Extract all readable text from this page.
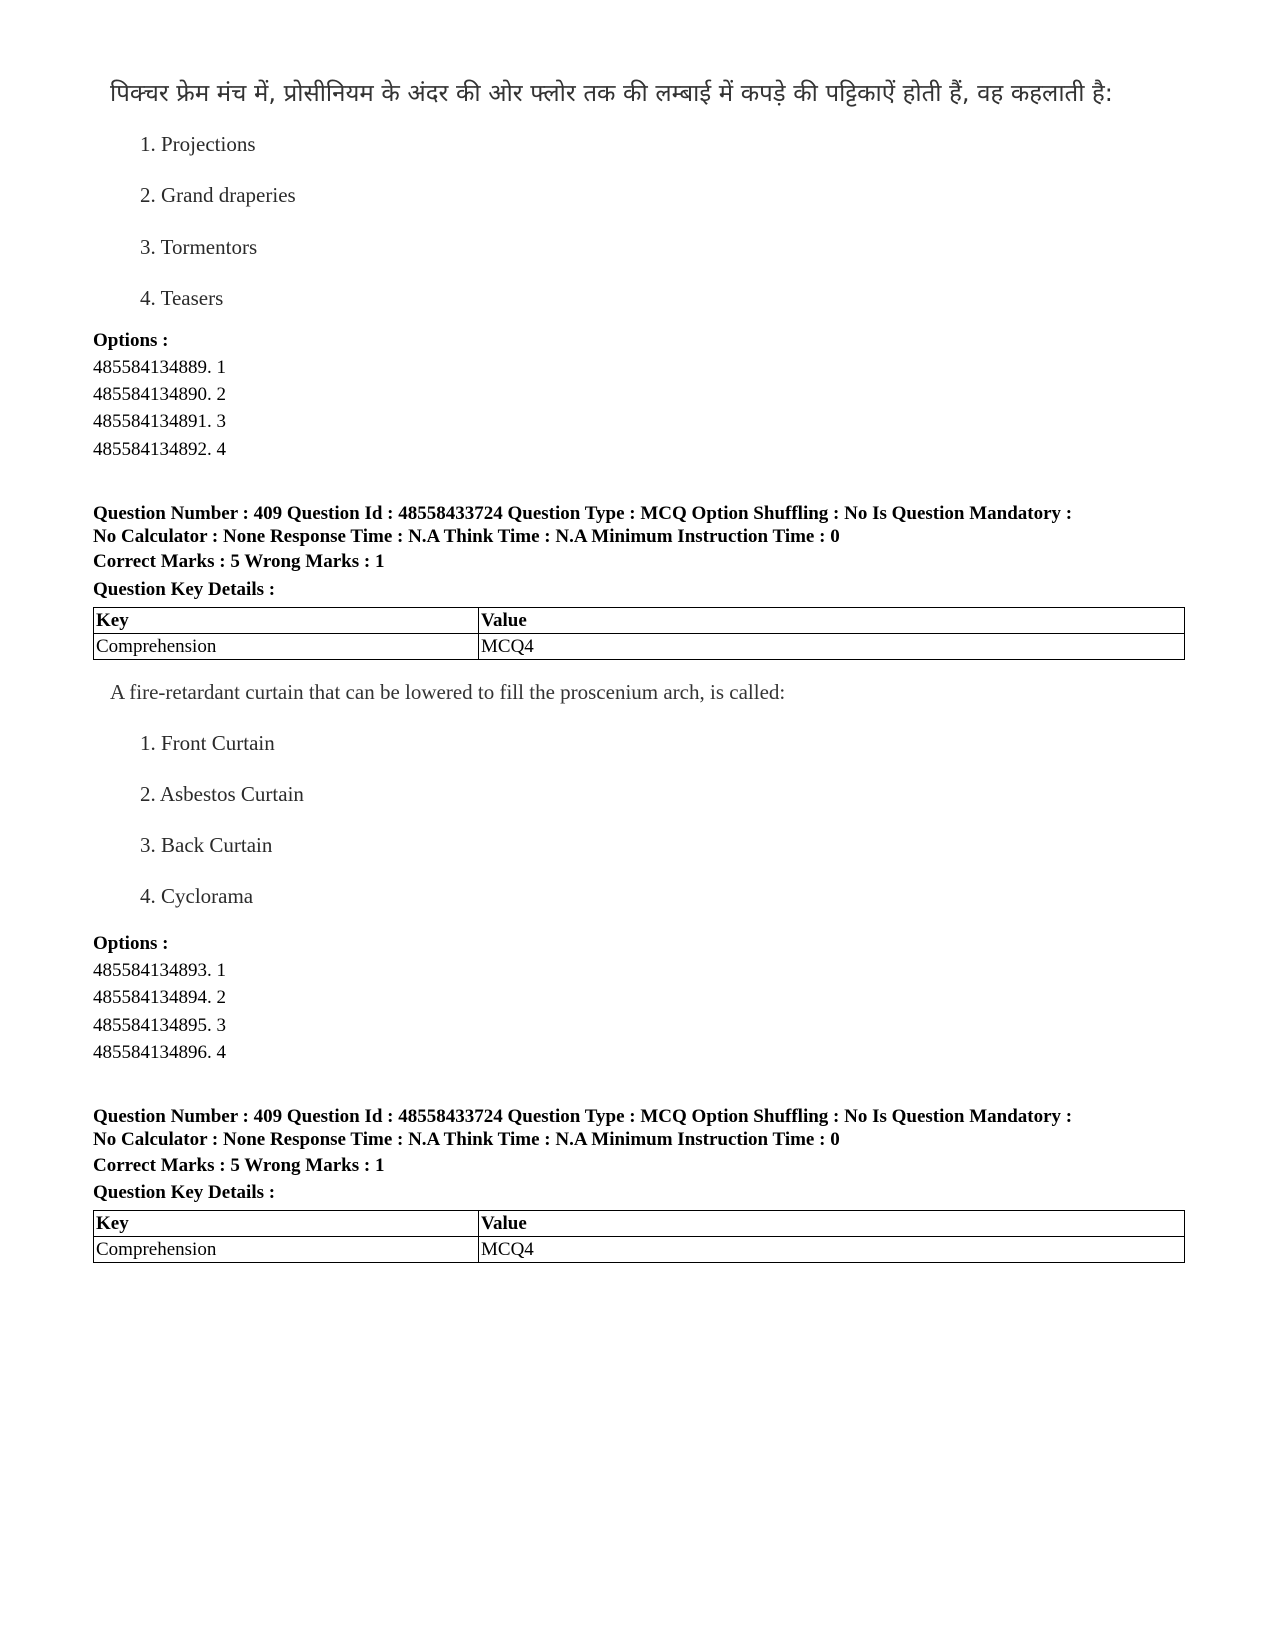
पिक्चर फ्रेम मंच में, प्रोसीनियम के अंदर की ओर फ्लोर तक की लम्बाई में कपड़े की पट्टिकाऐं होती हैं, वह कहलाती है:
1. Projections
2. Grand draperies
3. Tormentors
4. Teasers
Options :
485584134889. 1
485584134890. 2
485584134891. 3
485584134892. 4
Question Number : 409 Question Id : 48558433724 Question Type : MCQ Option Shuffling : No Is Question Mandatory :
No Calculator : None Response Time : N.A Think Time : N.A Minimum Instruction Time : 0
Correct Marks : 5 Wrong Marks : 1
Question Key Details :
Key	Value
Comprehension	MCQ4
A fire-retardant curtain that can be lowered to fill the proscenium arch, is called:
1. Front Curtain
2. Asbestos Curtain
3. Back Curtain
4. Cyclorama
Options :
485584134893. 1
485584134894. 2
485584134895. 3
485584134896. 4
Question Number : 409 Question Id : 48558433724 Question Type : MCQ Option Shuffling : No Is Question Mandatory :
No Calculator : None Response Time : N.A Think Time : N.A Minimum Instruction Time : 0
Correct Marks : 5 Wrong Marks : 1
Question Key Details :
Key	Value
Comprehension	MCQ4
